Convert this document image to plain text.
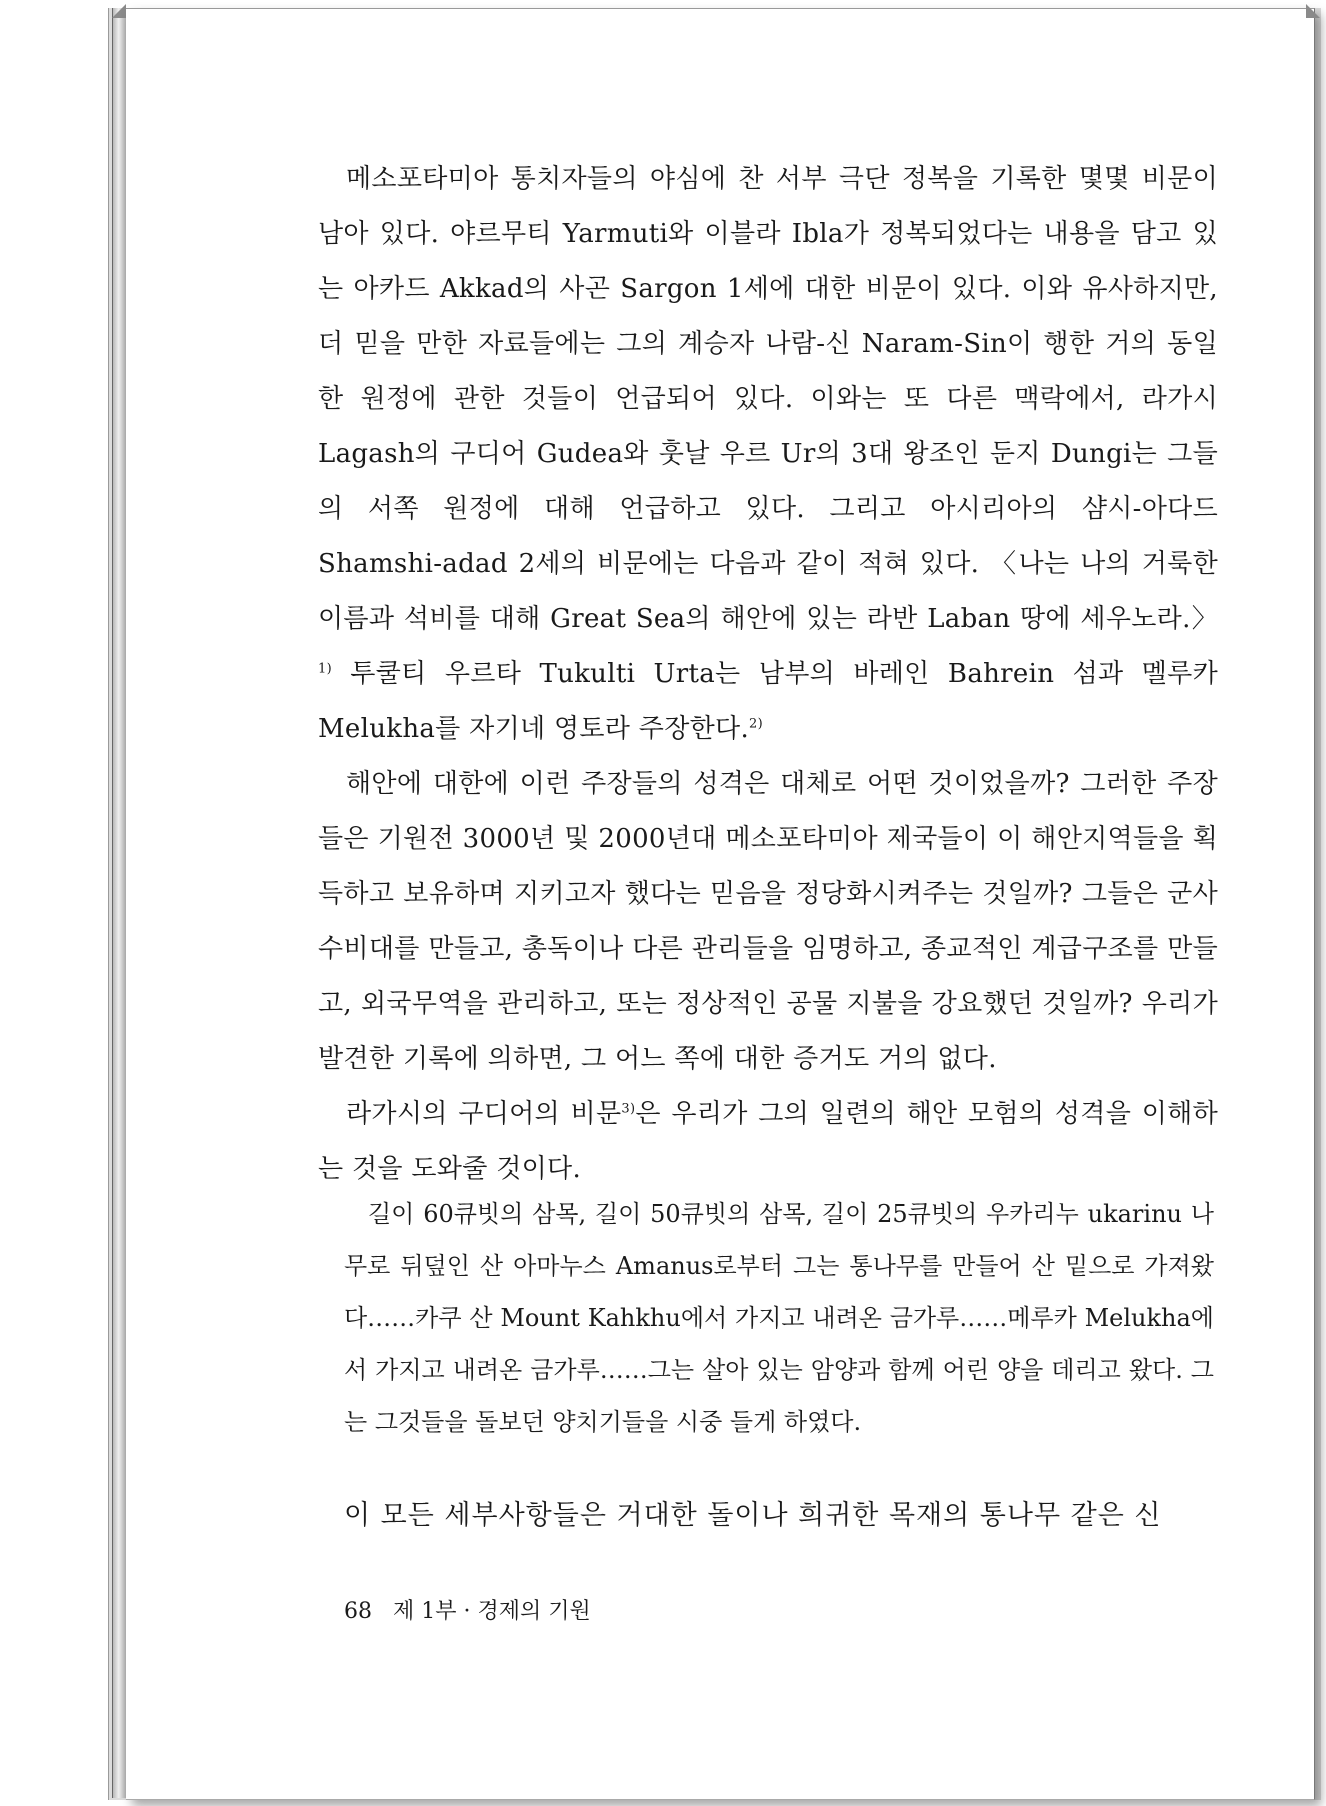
메소포타미아 통치자들의 야심에 찬 서부 극단 정복을 기록한 몇몇 비문이 남아 있다. 야르무티 Yarmuti와 이블라 Ibla가 정복되었다는 내용을 담고 있는 아카드 Akkad의 사곤 Sargon 1세에 대한 비문이 있다. 이와 유사하지만, 더 믿을 만한 자료들에는 그의 계승자 나람-신 Naram-Sin이 행한 거의 동일한 원정에 관한 것들이 언급되어 있다. 이와는 또 다른 맥락에서, 라가시 Lagash의 구디어 Gudea와 훗날 우르 Ur의 3대 왕조인 둔지 Dungi는 그들의 서쪽 원정에 대해 언급하고 있다. 그리고 아시리아의 샴시-아다드 Shamshi-adad 2세의 비문에는 다음과 같이 적혀 있다. 〈나는 나의 거룩한 이름과 석비를 대해 Great Sea의 해안에 있는 라반 Laban 땅에 세우노라.〉$^{1)}$ 투쿨티 우르타 Tukulti Urta는 남부의 바레인 Bahrein 섬과 멜루카 Melukha를 자기네 영토라 주장한다.$^{2)}$

해안에 대한에 이런 주장들의 성격은 대체로 어떤 것이었을까? 그러한 주장들은 기원전 3000년 및 2000년대 메소포타미아 제국들이 이 해안지역들을 획득하고 보유하며 지키고자 했다는 믿음을 정당화시켜주는 것일까? 그들은 군사 수비대를 만들고, 총독이나 다른 관리들을 임명하고, 종교적인 계급구조를 만들고, 외국무역을 관리하고, 또는 정상적인 공물 지불을 강요했던 것일까? 우리가 발견한 기록에 의하면, 그 어느 쪽에 대한 증거도 거의 없다.

라가시의 구디어의 비문$^{3)}$은 우리가 그의 일련의 해안 모험의 성격을 이해하는 것을 도와줄 것이다.

길이 60큐빗의 삼목, 길이 50큐빗의 삼목, 길이 25큐빗의 우카리누 ukarinu 나무로 뒤덮인 산 아마누스 Amanus로부터 그는 통나무를 만들어 산 밑으로 가져왔다……카쿠 산 Mount Kahkhu에서 가지고 내려온 금가루……메루카 Melukha에서 가지고 내려온 금가루……그는 살아 있는 암양과 함께 어린 양을 데리고 왔다. 그는 그것들을 돌보던 양치기들을 시중 들게 하였다.

이 모든 세부사항들은 거대한 돌이나 희귀한 목재의 통나무 같은 신
68 제 1부 · 경제의 기원
